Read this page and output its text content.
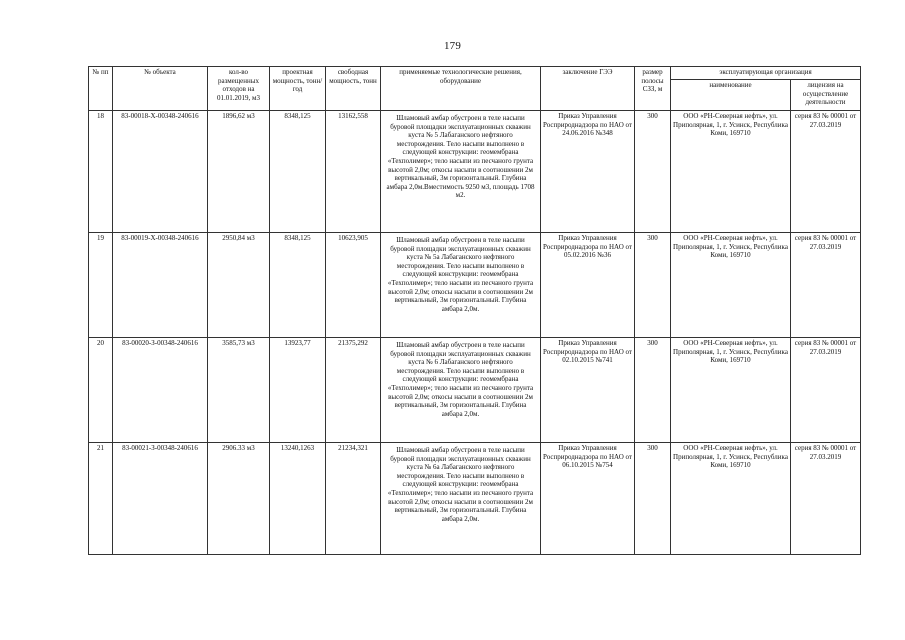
179
№ пп	№ объекта	кол-во размещенных отходов на 01.01.2019, м3	проектная мощность, тонн/год	свободная мощность, тонн	применяемые технологические решения, оборудование	заключение ГЭЭ	размер полосы СЗЗ, м	эксплуатирующая организация	
								наименование	лицензия на осуществление деятельности
18	83-00018-Х-00348-240616	1896,62 м3	8348,125	13162,558	Шламовый амбар обустроен в теле насыпи буровой площадки эксплуатационных скважин куста № 5 Лабаганского нефтяного месторождения. Тело насыпи выполнено в следующей конструкции: геомембрана «Техполимер»; тело насыпи из песчаного грунта высотой 2,0м; откосы насыпи в соотношении 2м вертикальный, 3м горизонтальный. Глубина амбара 2,0м.Вместимость 9250 м3, площадь 1708 м2.	Приказ Управления Росприроднадзора по НАО от 24.06.2016 №348	300	ООО «РН-Северная нефть», ул. Приполярная, 1, г. Усинск, Республика Коми, 169710	серия 83 № 00001 от 27.03.2019
19	83-00019-Х-00348-240616	2950,84 м3	8348,125	10623,905	Шламовый амбар обустроен в теле насыпи буровой площадки эксплуатационных скважин куста № 5а Лабаганского нефтяного месторождения. Тело насыпи выполнено в следующей конструкции: геомембрана «Техполимер»; тело насыпи из песчаного грунта высотой 2,0м; откосы насыпи в соотношении 2м вертикальный, 3м горизонтальный. Глубина амбара 2,0м.	Приказ Управления Росприроднадзора по НАО от 05.02.2016 №36	300	ООО «РН-Северная нефть», ул. Приполярная, 1, г. Усинск, Республика Коми, 169710	серия 83 № 00001 от 27.03.2019
20	83-00020-З-00348-240616	3585,73 м3	13923,77	21375,292	Шламовый амбар обустроен в теле насыпи буровой площадки эксплуатационных скважин куста № 6 Лабаганского нефтяного месторождения. Тело насыпи выполнено в следующей конструкции: геомембрана «Техполимер»; тело насыпи из песчаного грунта высотой 2,0м; откосы насыпи в соотношении 2м вертикальный, 3м горизонтальный. Глубина амбара 2,0м.	Приказ Управления Росприроднадзора по НАО от 02.10.2015 №741	300	ООО «РН-Северная нефть», ул. Приполярная, 1, г. Усинск, Республика Коми, 169710	серия 83 № 00001 от 27.03.2019
21	83-00021-З-00348-240616	2906.33 м3	13240,1263	21234,321	Шламовый амбар обустроен в теле насыпи буровой площадки эксплуатационных скважин куста № 6а Лабаганского нефтяного месторождения. Тело насыпи выполнено в следующей конструкции: геомембрана «Техполимер»; тело насыпи из песчаного грунта высотой 2,0м; откосы насыпи в соотношении 2м вертикальный, 3м горизонтальный. Глубина амбара 2,0м.	Приказ Управления Росприроднадзора по НАО от 06.10.2015 №754	300	ООО «РН-Северная нефть», ул. Приполярная, 1, г. Усинск, Республика Коми, 169710	серия 83 № 00001 от 27.03.2019
